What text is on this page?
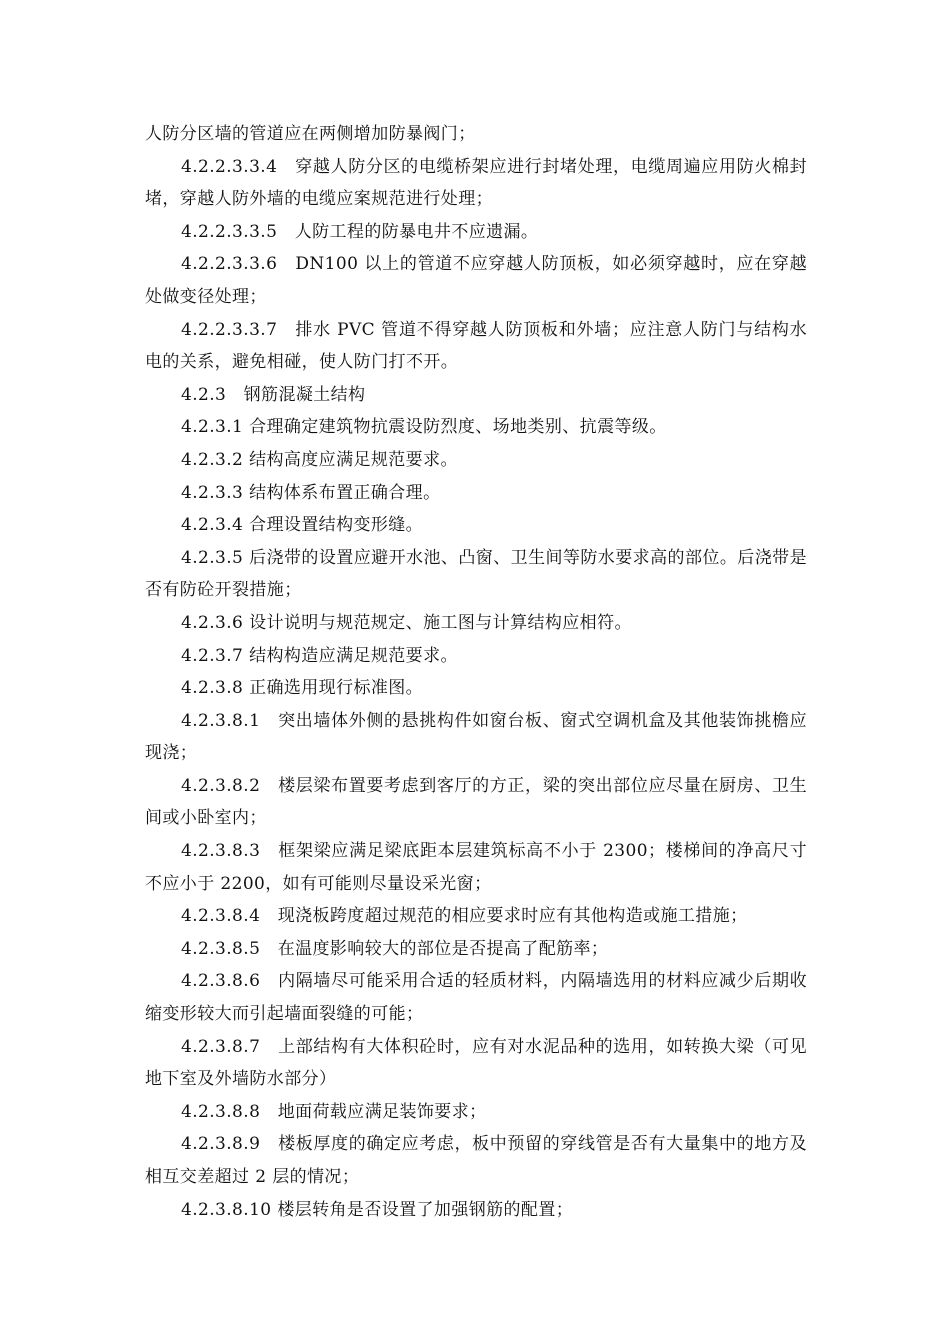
人防分区墙的管道应在两侧增加防暴阀门；

4.2.2.3.3.4　穿越人防分区的电缆桥架应进行封堵处理，电缆周遍应用防火棉封堵，穿越人防外墙的电缆应案规范进行处理；

4.2.2.3.3.5　人防工程的防暴电井不应遗漏。

4.2.2.3.3.6　DN100 以上的管道不应穿越人防顶板，如必须穿越时，应在穿越处做变径处理；

4.2.2.3.3.7　排水 PVC 管道不得穿越人防顶板和外墙；应注意人防门与结构水电的关系，避免相碰，使人防门打不开。

4.2.3　钢筋混凝土结构

4.2.3.1 合理确定建筑物抗震设防烈度、场地类别、抗震等级。

4.2.3.2 结构高度应满足规范要求。

4.2.3.3 结构体系布置正确合理。

4.2.3.4 合理设置结构变形缝。

4.2.3.5 后浇带的设置应避开水池、凸窗、卫生间等防水要求高的部位。后浇带是否有防砼开裂措施；

4.2.3.6 设计说明与规范规定、施工图与计算结构应相符。

4.2.3.7 结构构造应满足规范要求。

4.2.3.8 正确选用现行标准图。

4.2.3.8.1　突出墙体外侧的悬挑构件如窗台板、窗式空调机盒及其他装饰挑檐应现浇；

4.2.3.8.2　楼层梁布置要考虑到客厅的方正，梁的突出部位应尽量在厨房、卫生间或小卧室内；

4.2.3.8.3　框架梁应满足梁底距本层建筑标高不小于 2300；楼梯间的净高尺寸不应小于 2200，如有可能则尽量设采光窗；

4.2.3.8.4　现浇板跨度超过规范的相应要求时应有其他构造或施工措施；

4.2.3.8.5　在温度影响较大的部位是否提高了配筋率；

4.2.3.8.6　内隔墙尽可能采用合适的轻质材料，内隔墙选用的材料应减少后期收缩变形较大而引起墙面裂缝的可能；

4.2.3.8.7　上部结构有大体积砼时，应有对水泥品种的选用，如转换大梁（可见地下室及外墙防水部分）

4.2.3.8.8　地面荷载应满足装饰要求；

4.2.3.8.9　楼板厚度的确定应考虑，板中预留的穿线管是否有大量集中的地方及相互交差超过 2 层的情况；

4.2.3.8.10 楼层转角是否设置了加强钢筋的配置；
